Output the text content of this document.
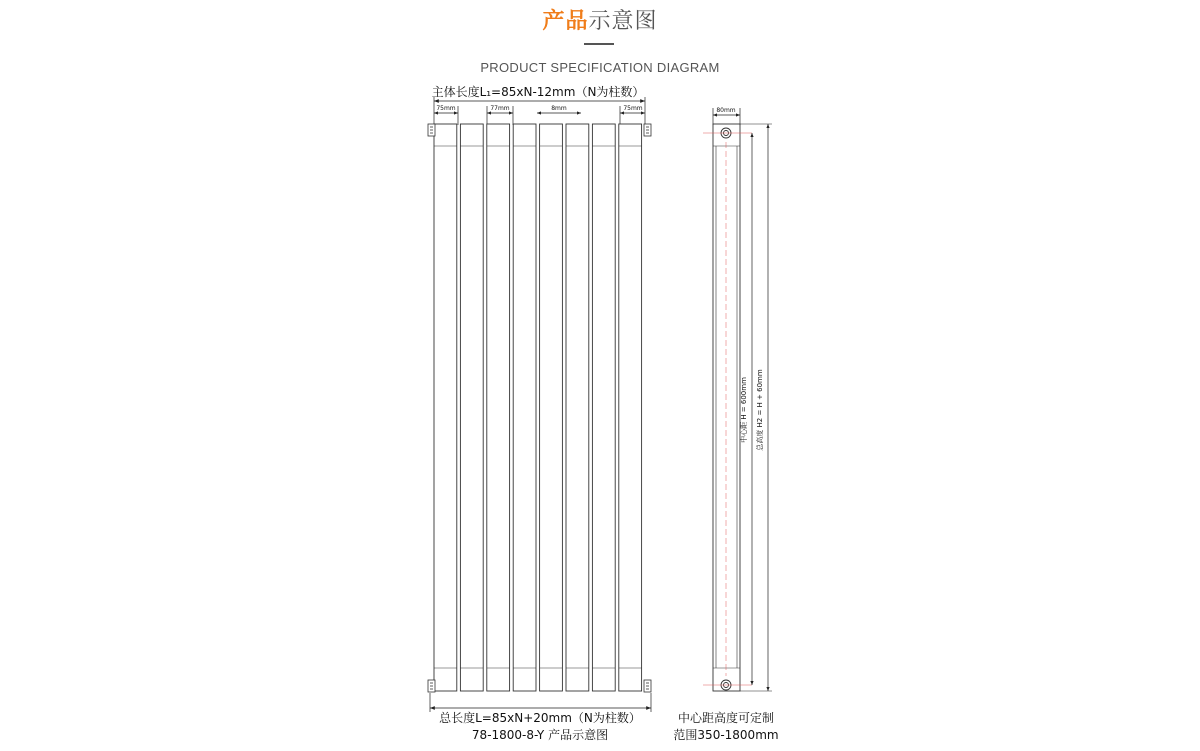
产品示意图
PRODUCT SPECIFICATION DIAGRAM
主体长度L₁=85xN-12mm（N为柱数）
75mm	77mm	8mm	75mm
总长度L=85xN+20mm（N为柱数）
78-1800-8-Y 产品示意图
80mm
中心距 H = 600mm 总高度 H2 = H + 60mm
中心距高度可定制
范围350-1800mm
